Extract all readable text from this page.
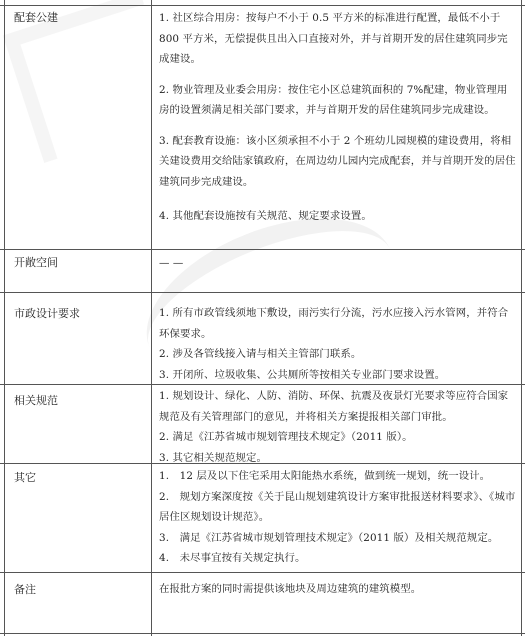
配套公建	1. 社区综合用房：按每户不小于 0.5 平方米的标准进行配置，最低不小于 800 平方米，无偿提供且出入口直接对外，并与首期开发的居住建筑同步完成建设。

2. 物业管理及业委会用房：按住宅小区总建筑面积的 7%配建，物业管理用房的设置须满足相关部门要求，并与首期开发的居住建筑同步完成建设。

3. 配套教育设施：该小区须承担不小于 2 个班幼儿园规模的建设费用，将相关建设费用交给陆家镇政府，在周边幼儿园内完成配套，并与首期开发的居住建筑同步完成建设。

4. 其他配套设施按有关规范、规定要求设置。

开敞空间	— —

市政设计要求	1. 所有市政管线须地下敷设，雨污实行分流，污水应接入污水管网，并符合环保要求。

2. 涉及各管线接入请与相关主管部门联系。

3. 开闭所、垃圾收集、公共厕所等按相关专业部门要求设置。

相关规范	1. 规划设计、绿化、人防、消防、环保、抗震及夜景灯光要求等应符合国家规范及有关管理部门的意见，并将相关方案提报相关部门审批。

2. 满足《江苏省城市规划管理技术规定》（2011 版）。

3. 其它相关规范规定。

其它	1.　12 层及以下住宅采用太阳能热水系统，做到统一规划，统一设计。

2.　规划方案深度按《关于昆山规划建筑设计方案审批报送材料要求》、《城市居住区规划设计规范》。

3.　满足《江苏省城市规划管理技术规定》（2011 版）及相关规范规定。

4.　未尽事宜按有关规定执行。

备注	在报批方案的同时需提供该地块及周边建筑的建筑模型。
